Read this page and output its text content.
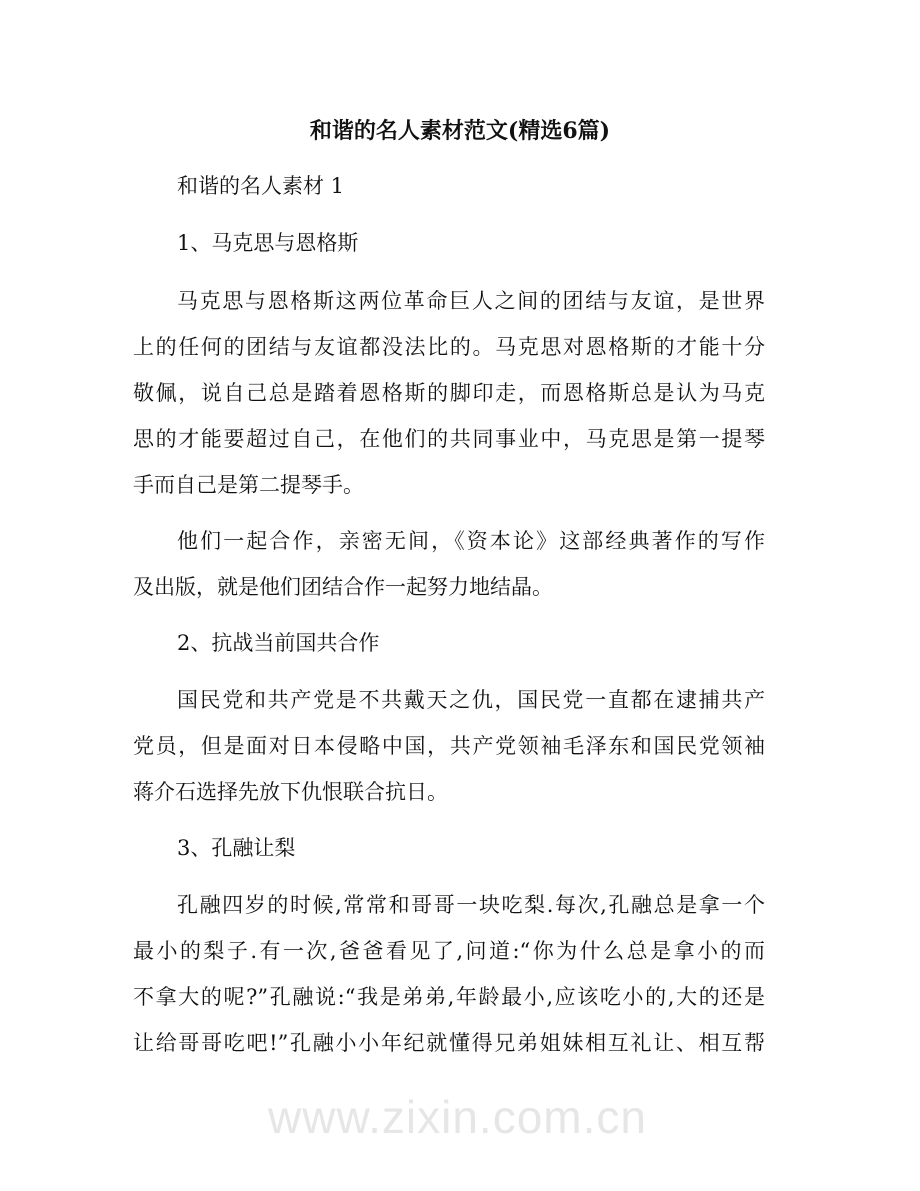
www.zixin.com.cn
和谐的名人素材范文(精选6篇)
和谐的名人素材 1
1、马克思与恩格斯
马克思与恩格斯这两位革命巨人之间的团结与友谊，是世界
上的任何的团结与友谊都没法比的。马克思对恩格斯的才能十分
敬佩，说自己总是踏着恩格斯的脚印走，而恩格斯总是认为马克
思的才能要超过自己，在他们的共同事业中，马克思是第一提琴
手而自己是第二提琴手。
他们一起合作，亲密无间，《资本论》这部经典著作的写作
及出版，就是他们团结合作一起努力地结晶。
2、抗战当前国共合作
国民党和共产党是不共戴天之仇，国民党一直都在逮捕共产
党员，但是面对日本侵略中国，共产党领袖毛泽东和国民党领袖
蒋介石选择先放下仇恨联合抗日。
3、孔融让梨
孔融四岁的时候,常常和哥哥一块吃梨.每次,孔融总是拿一个
最小的梨子.有一次,爸爸看见了,问道:“你为什么总是拿小的而
不拿大的呢?”孔融说:“我是弟弟,年龄最小,应该吃小的,大的还是
让给哥哥吃吧!”孔融小小年纪就懂得兄弟姐妹相互礼让、相互帮
